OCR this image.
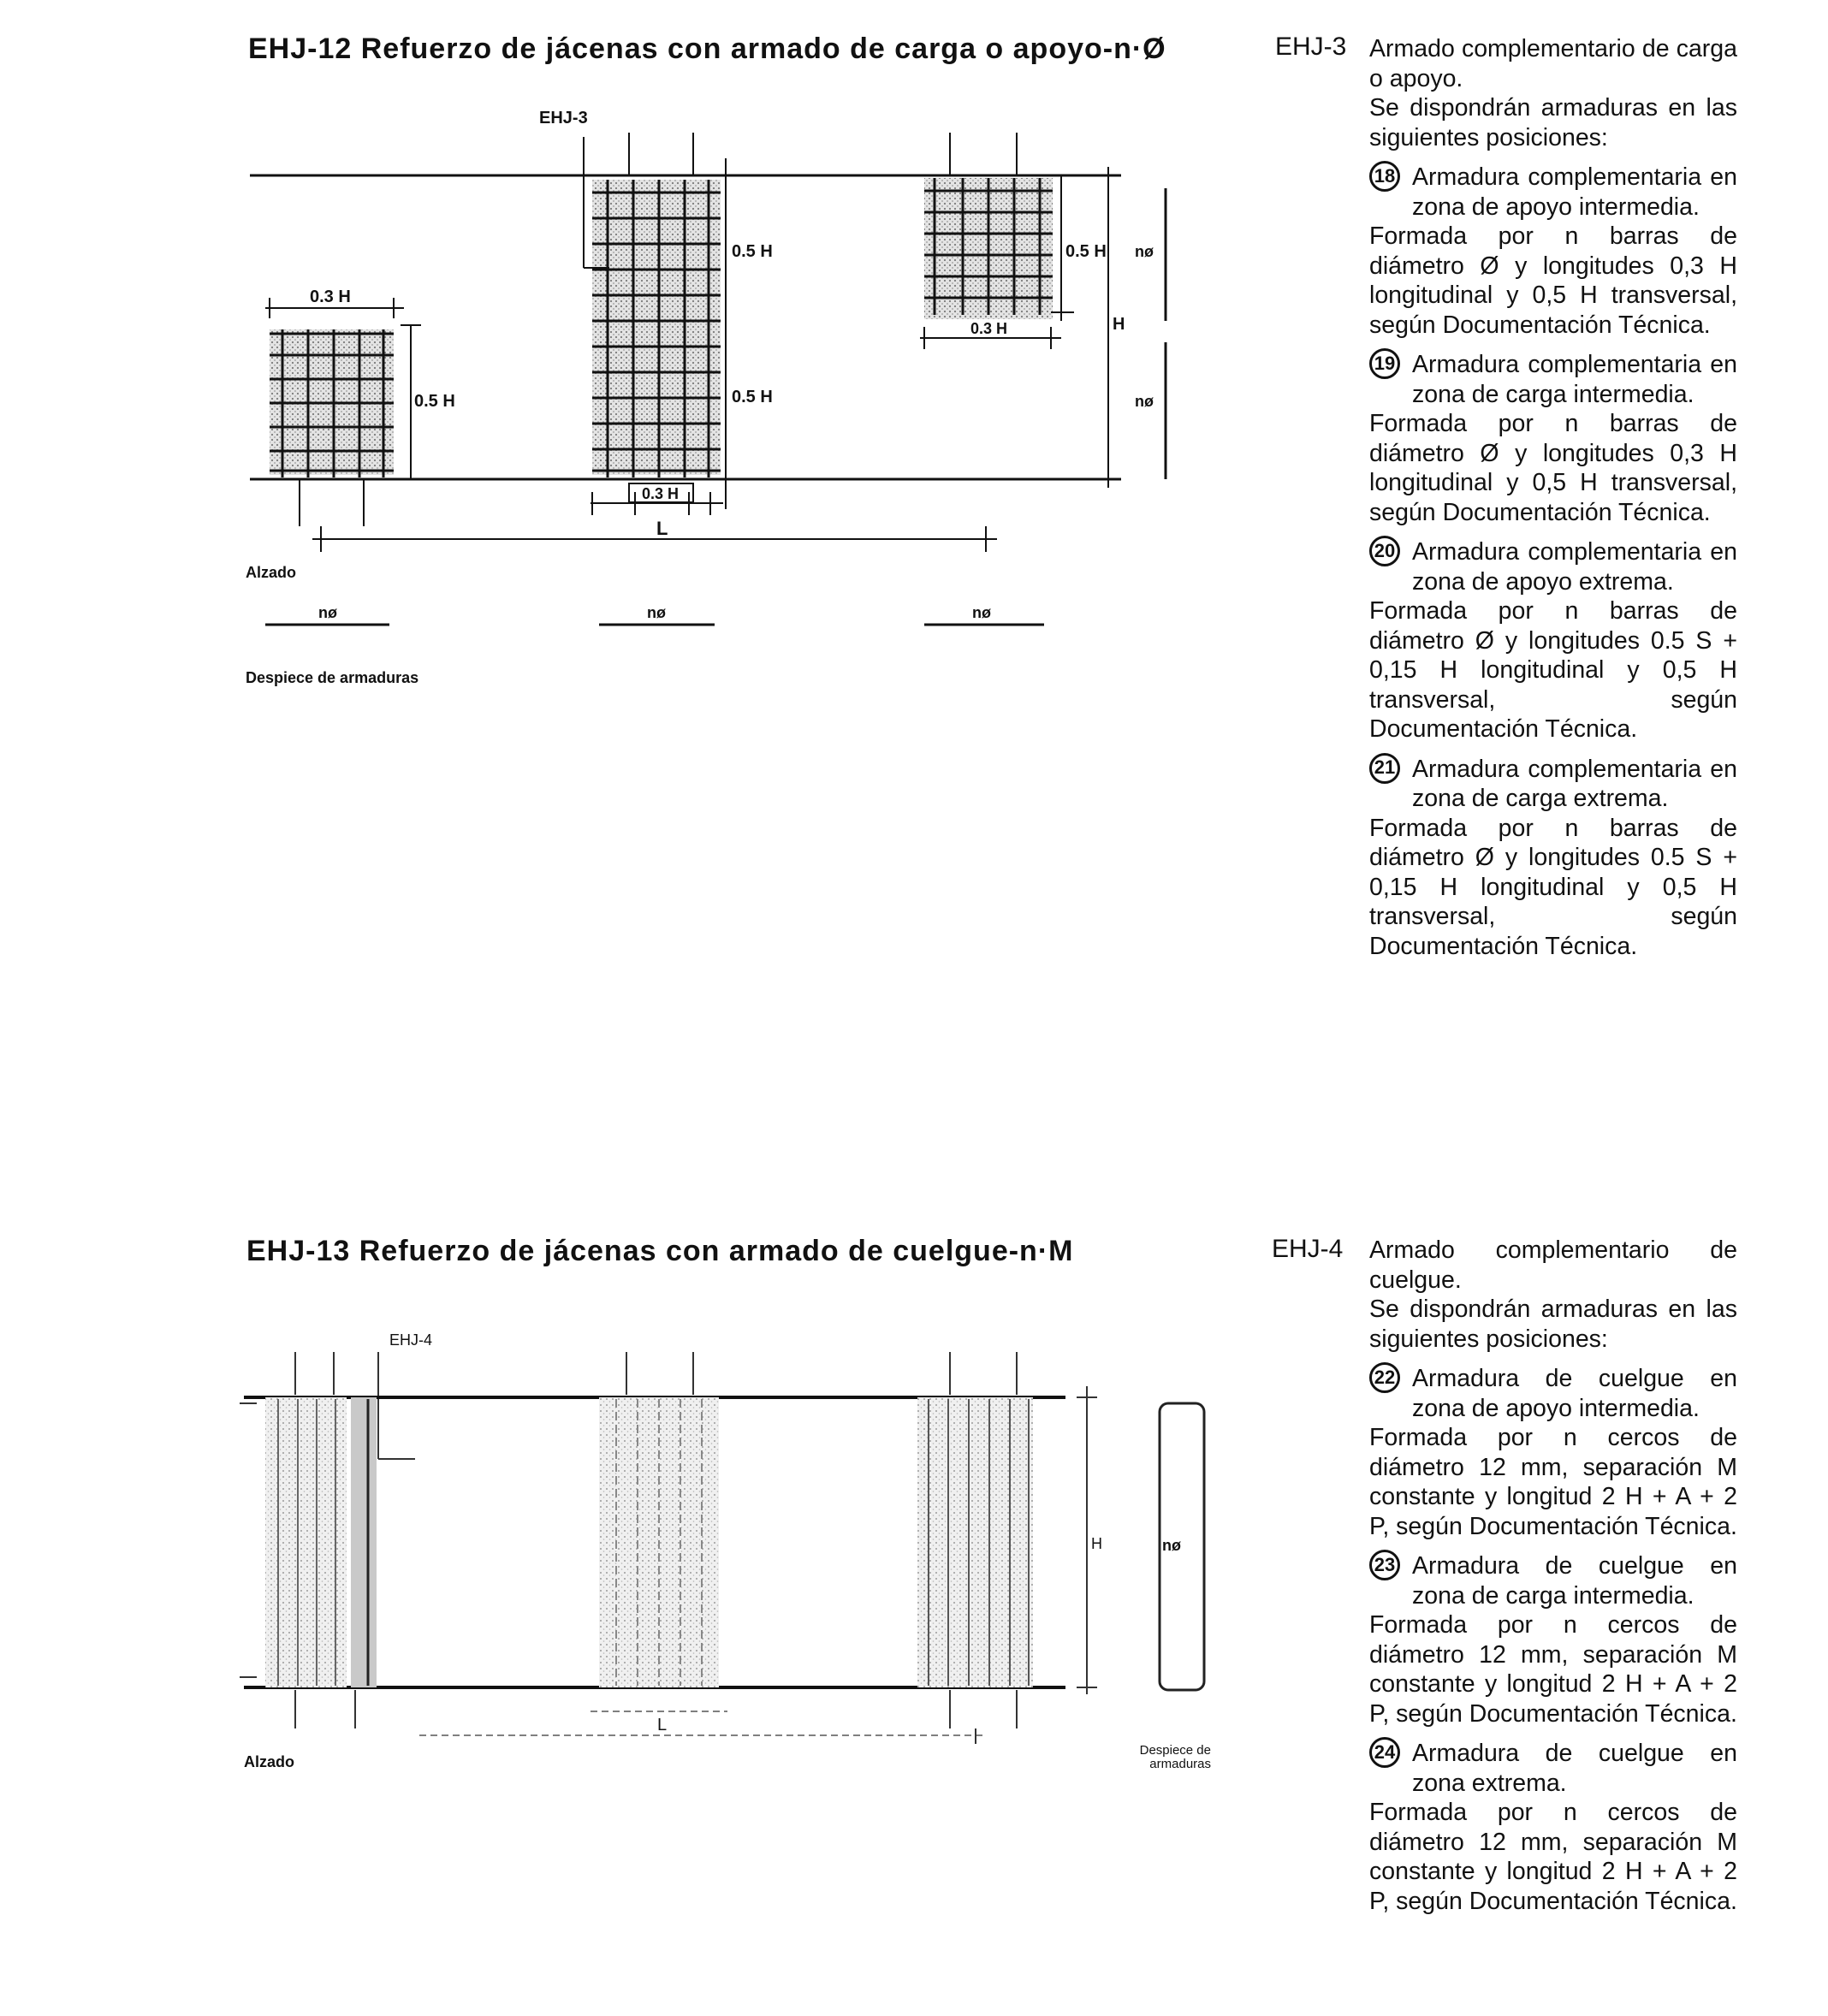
EHJ-12 Refuerzo de jácenas con armado de carga o apoyo-n·Ø
0.3 H
0.5 H
EHJ-3
0.5 H
0.5 H
0.3 H
0.5 H
0.3 H	H
nø
nø
L
Alzado
nø	nø	nø
Despiece de armaduras
EHJ-3 Armado complementario de carga o apoyo.

Se dispondrán armaduras en las siguientes posiciones:

18 Armadura complementaria en zona de apoyo intermedia.

Formada por n barras de diámetro Ø y longitudes 0,3 H longitudinal y 0,5 H transversal, según Documentación Técnica.

19 Armadura complementaria en zona de carga intermedia.

Formada por n barras de diámetro Ø y longitudes 0,3 H longitudinal y 0,5 H transversal, según Documentación Técnica.

20 Armadura complementaria en zona de apoyo extrema.

Formada por n barras de diámetro Ø y longitudes 0.5 S + 0,15 H longitudinal y 0,5 H transversal, según Documentación Técnica.

21 Armadura complementaria en zona de carga extrema.

Formada por n barras de diámetro Ø y longitudes 0.5 S + 0,15 H longitudinal y 0,5 H transversal, según Documentación Técnica.

EHJ-13 Refuerzo de jácenas con armado de cuelgue-n·M
EHJ-4
L
H	nø
Alzado
Despiece de
armaduras
EHJ-4 Armado complementario de cuelgue.

Se dispondrán armaduras en las siguientes posiciones:

22 Armadura de cuelgue en zona de apoyo intermedia.

Formada por n cercos de diámetro 12 mm, separación M constante y longitud 2 H + A + 2 P, según Documentación Técnica.

23 Armadura de cuelgue en zona de carga intermedia.

Formada por n cercos de diámetro 12 mm, separación M constante y longitud 2 H + A + 2 P, según Documentación Técnica.

24 Armadura de cuelgue en zona extrema.

Formada por n cercos de diámetro 12 mm, separación M constante y longitud 2 H + A + 2 P, según Documentación Técnica.
